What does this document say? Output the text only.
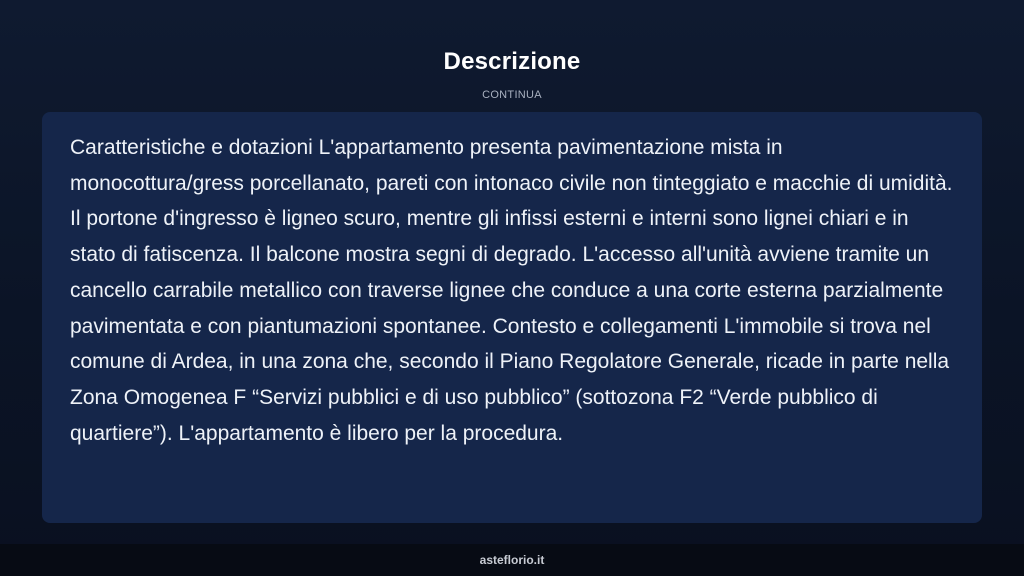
Descrizione
CONTINUA

Caratteristiche e dotazioni L'appartamento presenta pavimentazione mista in monocottura/gress porcellanato, pareti con intonaco civile non tinteggiato e macchie di umidità. Il portone d'ingresso è ligneo scuro, mentre gli infissi esterni e interni sono lignei chiari e in stato di fatiscenza. Il balcone mostra segni di degrado. L'accesso all'unità avviene tramite un cancello carrabile metallico con traverse lignee che conduce a una corte esterna parzialmente pavimentata e con piantumazioni spontanee. Contesto e collegamenti L'immobile si trova nel comune di Ardea, in una zona che, secondo il Piano Regolatore Generale, ricade in parte nella Zona Omogenea F “Servizi pubblici e di uso pubblico” (sottozona F2 “Verde pubblico di quartiere”). L'appartamento è libero per la procedura.

asteflorio.it
